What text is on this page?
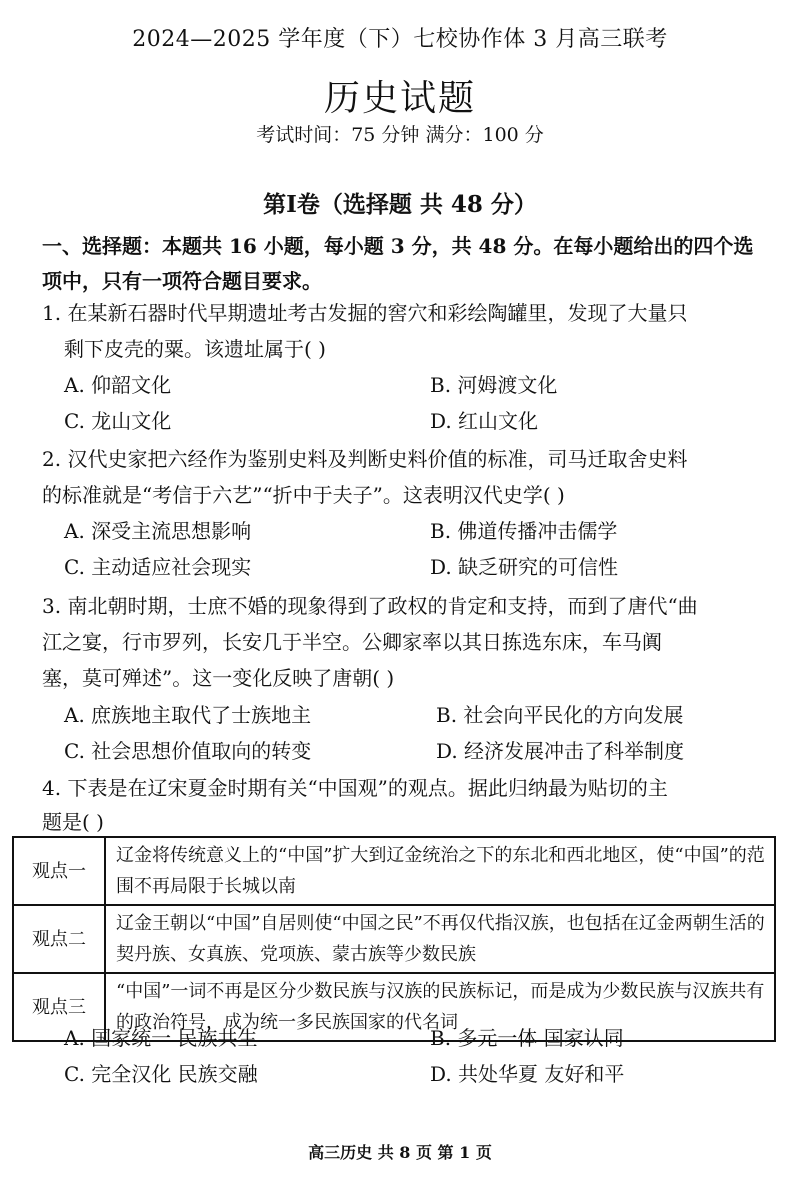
2024—2025 学年度（下）七校协作体 3 月高三联考
历史试题
考试时间：75 分钟 满分：100 分
第Ⅰ卷（选择题 共 48 分）
一、选择题：本题共 16 小题，每小题 3 分，共 48 分。在每小题给出的四个选项中，只有一项符合题目要求。
1. 在某新石器时代早期遗址考古发掘的窖穴和彩绘陶罐里，发现了大量只
剩下皮壳的粟。该遗址属于( )
A. 仰韶文化	B. 河姆渡文化
C. 龙山文化	D. 红山文化
2. 汉代史家把六经作为鉴别史料及判断史料价值的标准，司马迁取舍史料
的标准就是“考信于六艺”“折中于夫子”。这表明汉代史学( )
A. 深受主流思想影响	B. 佛道传播冲击儒学
C. 主动适应社会现实	D. 缺乏研究的可信性
3. 南北朝时期，士庶不婚的现象得到了政权的肯定和支持，而到了唐代“曲
江之宴，行市罗列，长安几于半空。公卿家率以其日拣选东床，车马阗
塞，莫可殚述”。这一变化反映了唐朝( )
A. 庶族地主取代了士族地主	B. 社会向平民化的方向发展
C. 社会思想价值取向的转变	D. 经济发展冲击了科举制度
4. 下表是在辽宋夏金时期有关“中国观”的观点。据此归纳最为贴切的主
题是( )
观点一	辽金将传统意义上的“中国”扩大到辽金统治之下的东北和西北地区，使“中国”的范围不再局限于长城以南
观点二	辽金王朝以“中国”自居则使“中国之民”不再仅代指汉族，也包括在辽金两朝生活的契丹族、女真族、党项族、蒙古族等少数民族
观点三	“中国”一词不再是区分少数民族与汉族的民族标记，而是成为少数民族与汉族共有的政治符号，成为统一多民族国家的代名词
A. 国家统一 民族共生	B. 多元一体 国家认同
C. 完全汉化 民族交融	D. 共处华夏 友好和平
高三历史 共 8 页 第 1 页
